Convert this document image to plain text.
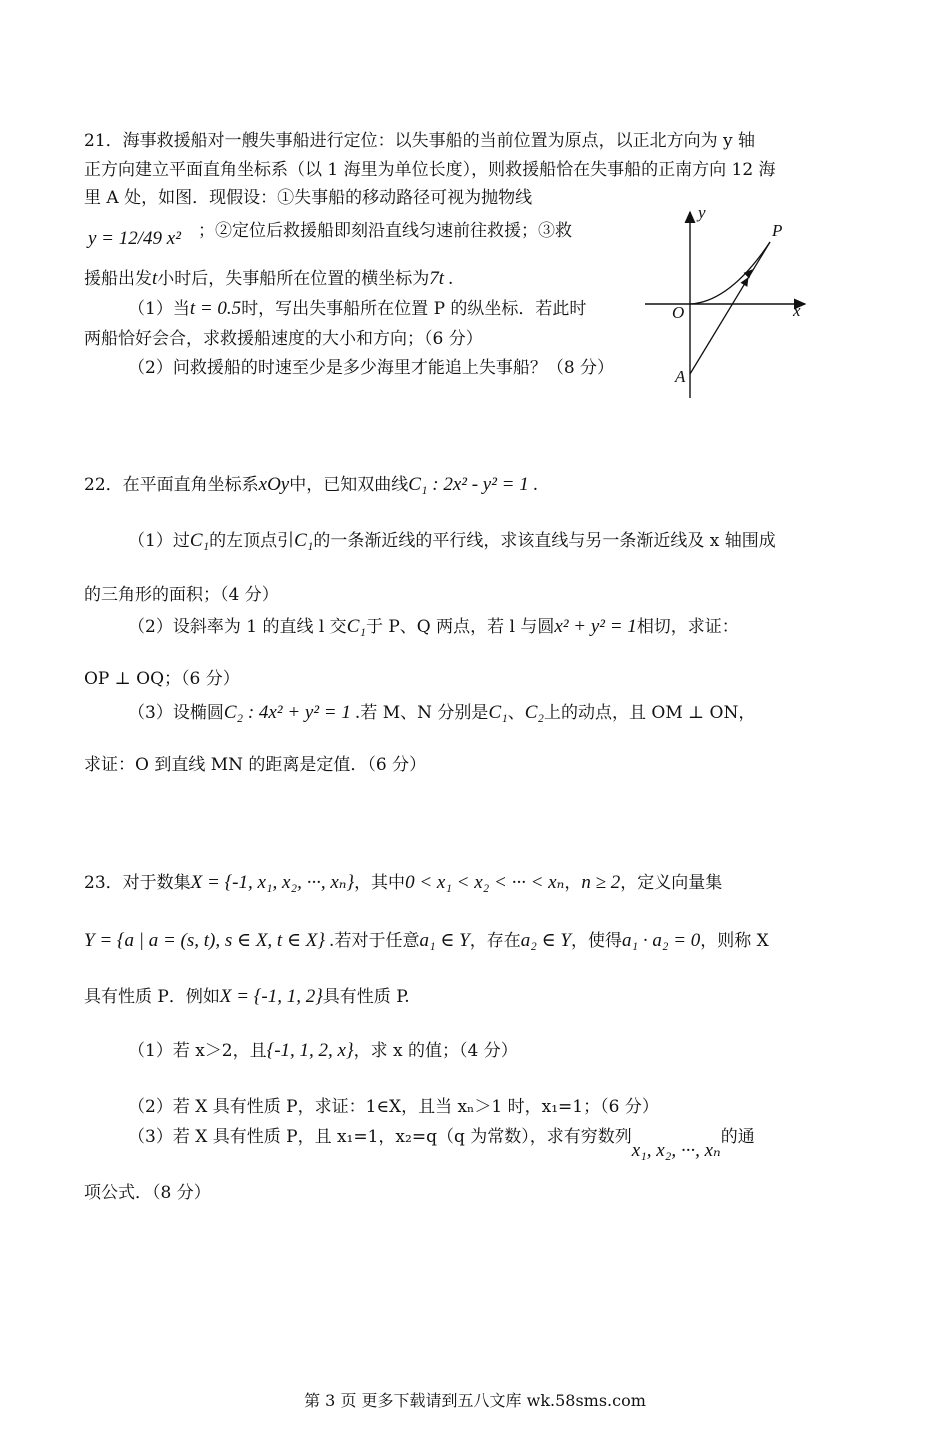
21．海事救援船对一艘失事船进行定位：以失事船的当前位置为原点，以正北方向为 y 轴
正方向建立平面直角坐标系（以 1 海里为单位长度），则救援船恰在失事船的正南方向 12 海
里 A 处，如图．现假设：①失事船的移动路径可视为抛物线
y = 12/49 x² ；②定位后救援船即刻沿直线匀速前往救援；③救
援船出发t小时后，失事船所在位置的横坐标为7t .
（1）当t = 0.5时，写出失事船所在位置 P 的纵坐标．若此时
两船恰好会合，求救援船速度的大小和方向；（6 分）
（2）问救援船的时速至少是多少海里才能追上失事船？（8 分）
y
P
O	x
A
22．在平面直角坐标系xOy中，已知双曲线C₁ : 2x² - y² = 1 .
（1）过C₁的左顶点引C₁的一条渐近线的平行线，求该直线与另一条渐近线及 x 轴围成
的三角形的面积；（4 分）
（2）设斜率为 1 的直线 l 交C₁于 P、Q 两点，若 l 与圆x² + y² = 1相切，求证：
OP ⊥ OQ；（6 分）
（3）设椭圆C₂ : 4x² + y² = 1 .若 M、N 分别是C₁、C₂上的动点，且 OM ⊥ ON，
求证：O 到直线 MN 的距离是定值．（6 分）
23．对于数集X = {-1, x₁, x₂, ···, xₙ}，其中0 < x₁ < x₂ < ··· < xₙ，n ≥ 2，定义向量集
Y = {a | a = (s, t), s ∈ X, t ∈ X} .若对于任意a₁ ∈ Y，存在a₂ ∈ Y，使得a₁ · a₂ = 0，则称 X
具有性质 P．例如X = {-1, 1, 2}具有性质 P.
（1）若 x＞2，且{-1, 1, 2, x}，求 x 的值；（4 分）
（2）若 X 具有性质 P，求证：1∈X，且当 xₙ＞1 时，x₁=1；（6 分）
（3）若 X 具有性质 P，且 x₁=1，x₂=q（q 为常数），求有穷数列x₁, x₂, ···, xₙ的通
项公式．（8 分）
第 3 页 更多下载请到五八文库 wk.58sms.com
